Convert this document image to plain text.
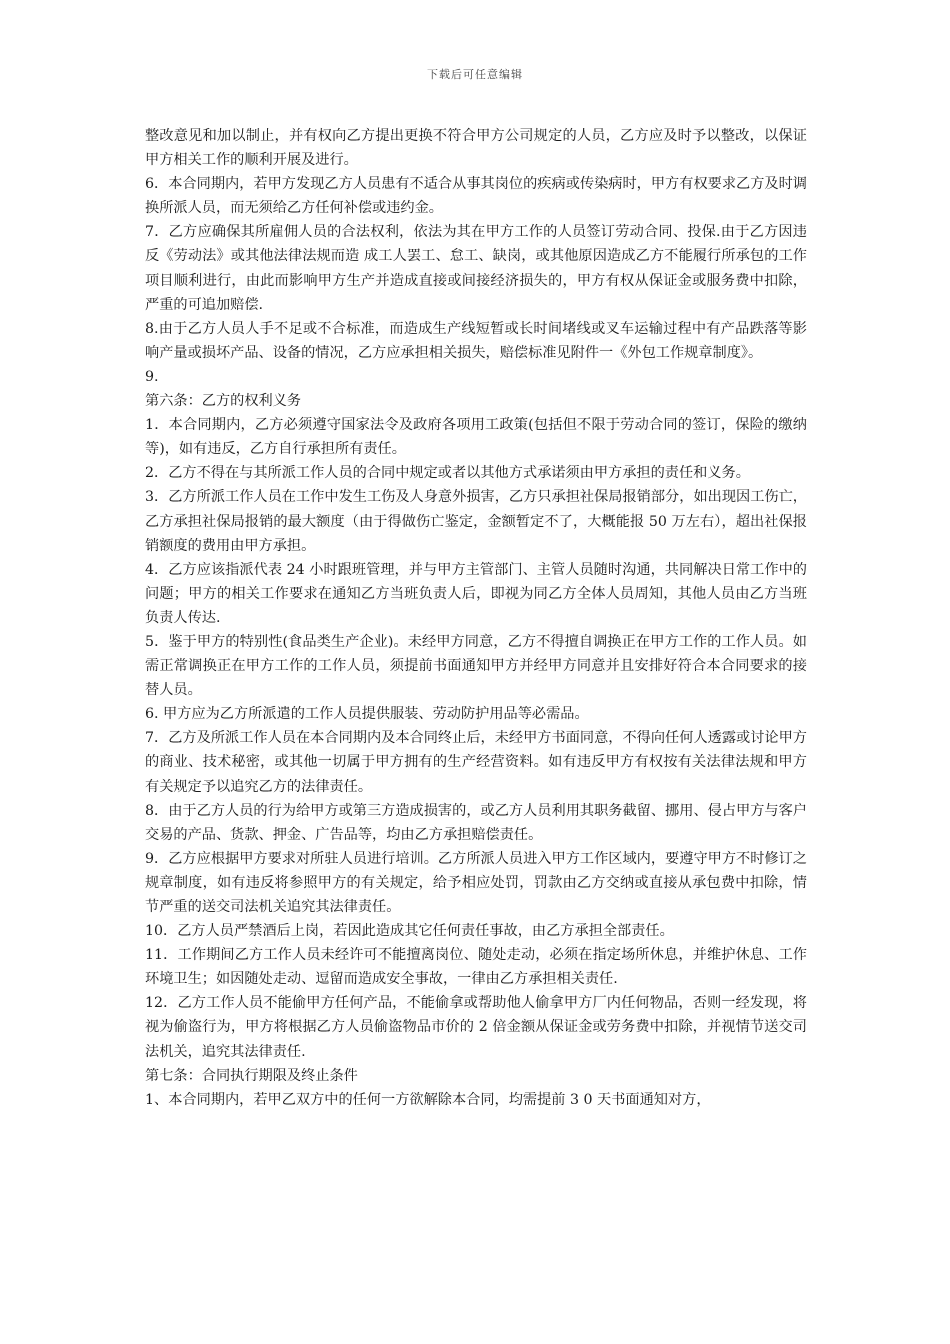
下载后可任意编辑

整改意见和加以制止，并有权向乙方提出更换不符合甲方公司规定的人员，乙方应及时予以整改，以保证甲方相关工作的顺利开展及进行。

6．本合同期内，若甲方发现乙方人员患有不适合从事其岗位的疾病或传染病时，甲方有权要求乙方及时调换所派人员，而无须给乙方任何补偿或违约金。

7．乙方应确保其所雇佣人员的合法权利，依法为其在甲方工作的人员签订劳动合同、投保.由于乙方因违反《劳动法》或其他法律法规而造 成工人罢工、怠工、缺岗，或其他原因造成乙方不能履行所承包的工作项目顺利进行，由此而影响甲方生产并造成直接或间接经济损失的，甲方有权从保证金或服务费中扣除，严重的可追加赔偿.

8.由于乙方人员人手不足或不合标准，而造成生产线短暂或长时间堵线或叉车运输过程中有产品跌落等影响产量或损坏产品、设备的情况，乙方应承担相关损失，赔偿标准见附件一《外包工作规章制度》。

9.

第六条：乙方的权利义务

1．本合同期内，乙方必须遵守国家法令及政府各项用工政策(包括但不限于劳动合同的签订，保险的缴纳等)，如有违反，乙方自行承担所有责任。

2．乙方不得在与其所派工作人员的合同中规定或者以其他方式承诺须由甲方承担的责任和义务。

3．乙方所派工作人员在工作中发生工伤及人身意外损害，乙方只承担社保局报销部分，如出现因工伤亡，乙方承担社保局报销的最大额度（由于得做伤亡鉴定，金额暂定不了，大概能报 50 万左右），超出社保报销额度的费用由甲方承担。

4．乙方应该指派代表 24 小时跟班管理，并与甲方主管部门、主管人员随时沟通，共同解决日常工作中的问题；甲方的相关工作要求在通知乙方当班负责人后，即视为同乙方全体人员周知，其他人员由乙方当班负责人传达.

5．鉴于甲方的特别性(食品类生产企业)。未经甲方同意，乙方不得擅自调换正在甲方工作的工作人员。如需正常调换正在甲方工作的工作人员，须提前书面通知甲方并经甲方同意并且安排好符合本合同要求的接替人员。

6. 甲方应为乙方所派遣的工作人员提供服装、劳动防护用品等必需品。

7．乙方及所派工作人员在本合同期内及本合同终止后，未经甲方书面同意，不得向任何人透露或讨论甲方的商业、技术秘密，或其他一切属于甲方拥有的生产经营资料。如有违反甲方有权按有关法律法规和甲方有关规定予以追究乙方的法律责任。

8．由于乙方人员的行为给甲方或第三方造成损害的，或乙方人员利用其职务截留、挪用、侵占甲方与客户交易的产品、货款、押金、广告品等，均由乙方承担赔偿责任。

9．乙方应根据甲方要求对所驻人员进行培训。乙方所派人员进入甲方工作区域内，要遵守甲方不时修订之规章制度，如有违反将参照甲方的有关规定，给予相应处罚，罚款由乙方交纳或直接从承包费中扣除，情节严重的送交司法机关追究其法律责任。

10．乙方人员严禁酒后上岗，若因此造成其它任何责任事故，由乙方承担全部责任。

11．工作期间乙方工作人员未经许可不能擅离岗位、随处走动，必须在指定场所休息，并维护休息、工作环境卫生；如因随处走动、逗留而造成安全事故，一律由乙方承担相关责任.

12．乙方工作人员不能偷甲方任何产品，不能偷拿或帮助他人偷拿甲方厂内任何物品，否则一经发现，将视为偷盗行为，甲方将根据乙方人员偷盗物品市价的 2 倍金额从保证金或劳务费中扣除，并视情节送交司法机关，追究其法律责任.

第七条：合同执行期限及终止条件

1、本合同期内，若甲乙双方中的任何一方欲解除本合同，均需提前 3 0 天书面通知对方，
